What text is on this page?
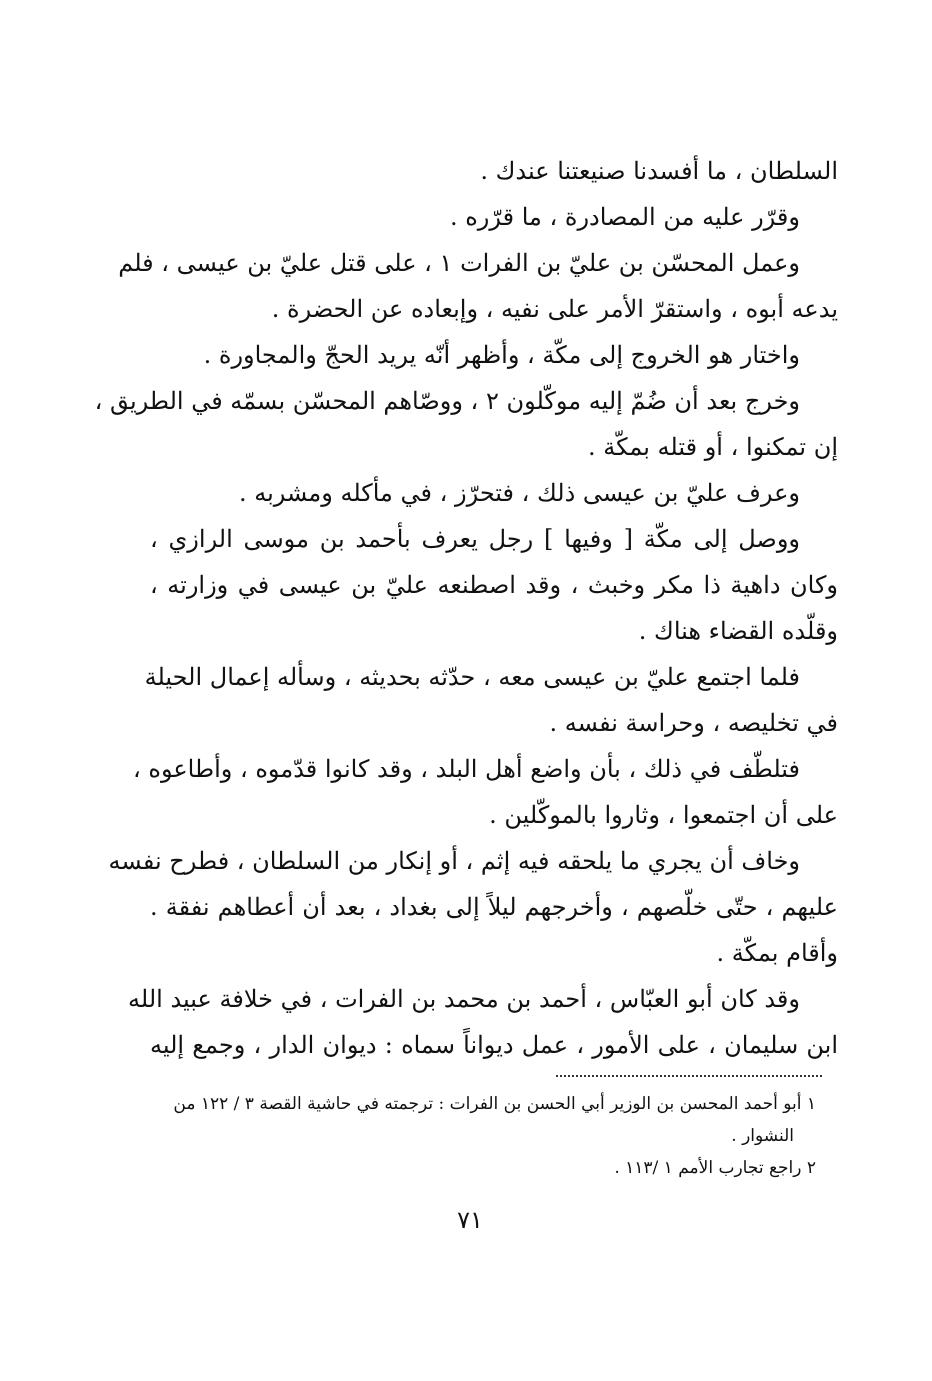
السلطان ، ما أفسدنا صنيعتنا عندك .
وقرّر عليه من المصادرة ، ما قرّره .
وعمل المحسّن بن عليّ بن الفرات ١ ، على قتل عليّ بن عيسى ، فلم
يدعه أبوه ، واستقرّ الأمر على نفيه ، وإبعاده عن الحضرة .
واختار هو الخروج إلى مكّة ، وأظهر أنّه يريد الحجّ والمجاورة .
وخرج بعد أن ضُمّ إليه موكّلون ٢ ، ووصّاهم المحسّن بسمّه في الطريق ،
إن تمكنوا ، أو قتله بمكّة .
وعرف عليّ بن عيسى ذلك ، فتحرّز ، في مأكله ومشربه .
ووصل إلى مكّة [ وفيها ] رجل يعرف بأحمد بن موسى الرازي ،
وكان داهية ذا مكر وخبث ، وقد اصطنعه عليّ بن عيسى في وزارته ،
وقلّده القضاء هناك .
فلما اجتمع عليّ بن عيسى معه ، حدّثه بحديثه ، وسأله إعمال الحيلة
في تخليصه ، وحراسة نفسه .
فتلطّف في ذلك ، بأن واضع أهل البلد ، وقد كانوا قدّموه ، وأطاعوه ،
على أن اجتمعوا ، وثاروا بالموكّلين .
وخاف أن يجري ما يلحقه فيه إثم ، أو إنكار من السلطان ، فطرح نفسه
عليهم ، حتّى خلّصهم ، وأخرجهم ليلاً إلى بغداد ، بعد أن أعطاهم نفقة .
وأقام بمكّة .
وقد كان أبو العبّاس ، أحمد بن محمد بن الفرات ، في خلافة عبيد الله
ابن سليمان ، على الأمور ، عمل ديواناً سماه : ديوان الدار ، وجمع إليه
١ أبو أحمد المحسن بن الوزير أبي الحسن بن الفرات : ترجمته في حاشية القصة ٣ / ١٢٢ من
النشوار .
٢ راجع تجارب الأمم ١ /١١٣ .
٧١
